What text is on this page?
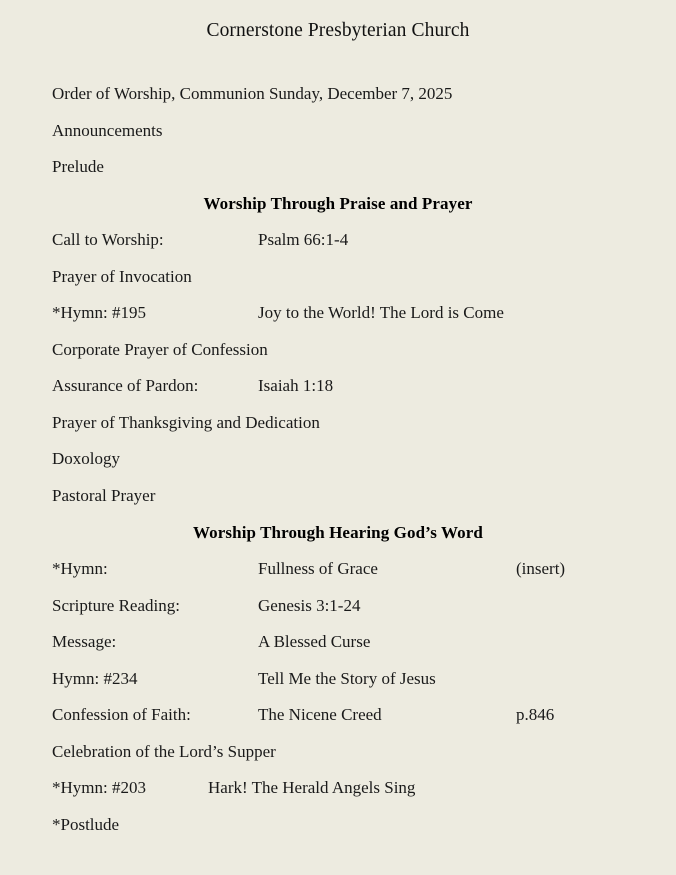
Cornerstone Presbyterian Church
Order of Worship, Communion Sunday, December 7, 2025
Announcements
Prelude
Worship Through Praise and Prayer
Call to Worship:	Psalm 66:1-4
Prayer of Invocation
*Hymn: #195	Joy to the World! The Lord is Come
Corporate Prayer of Confession
Assurance of Pardon:	Isaiah 1:18
Prayer of Thanksgiving and Dedication
Doxology
Pastoral Prayer
Worship Through Hearing God’s Word
*Hymn:	Fullness of Grace	(insert)
Scripture Reading:	Genesis 3:1-24
Message:	A Blessed Curse
Hymn: #234	Tell Me the Story of Jesus
Confession of Faith:	The Nicene Creed	p.846
Celebration of the Lord’s Supper
*Hymn: #203	Hark! The Herald Angels Sing
*Postlude
